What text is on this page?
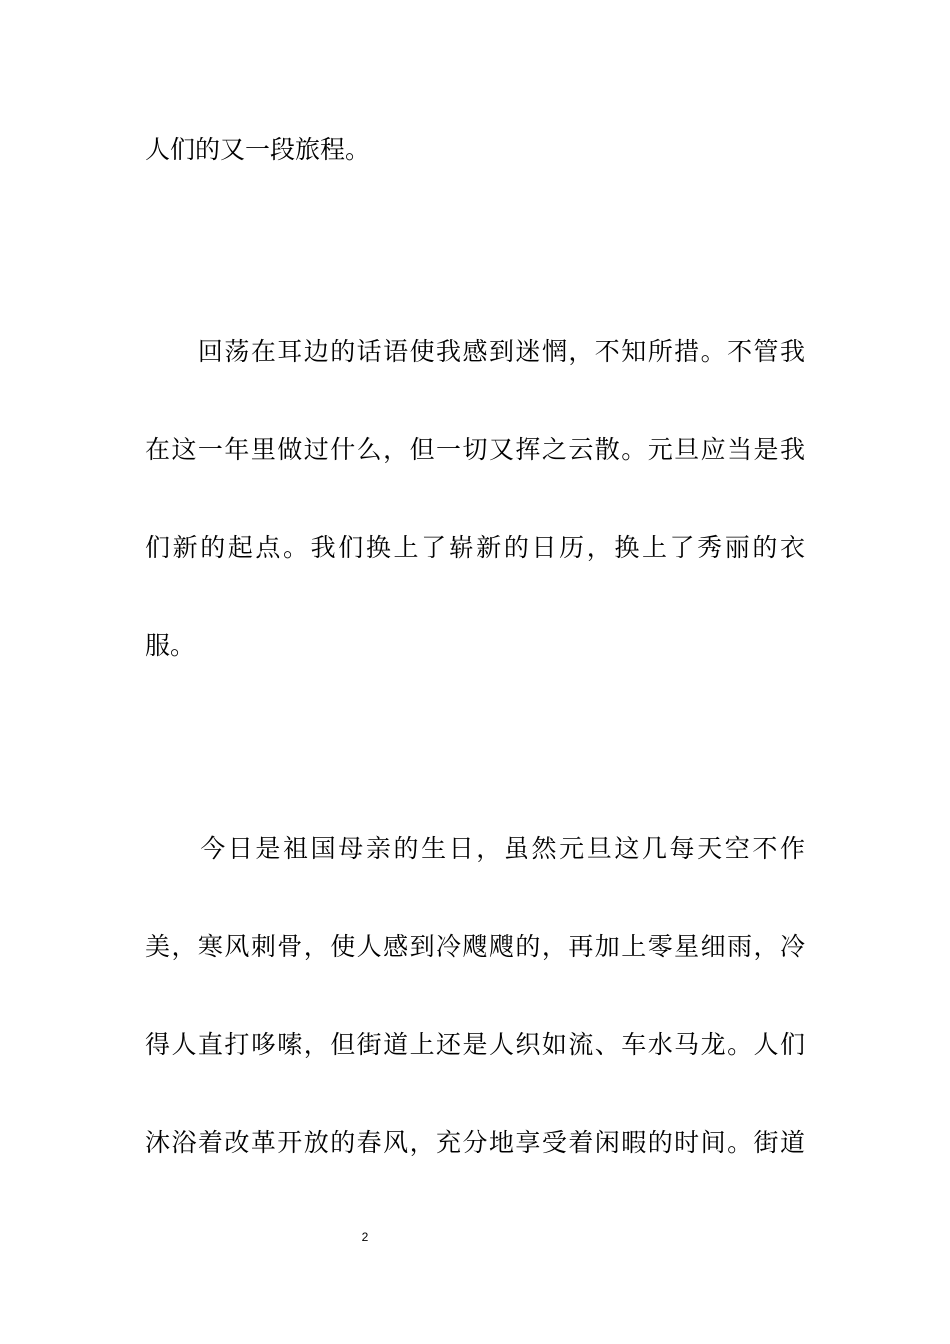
人们的又一段旅程。
　　回荡在耳边的话语使我感到迷惘，不知所措。不管我
在这一年里做过什么，但一切又挥之云散。元旦应当是我
们新的起点。我们换上了崭新的日历，换上了秀丽的衣
服。
　　今日是祖国母亲的生日，虽然元旦这几每天空不作
美，寒风刺骨，使人感到冷飕飕的，再加上零星细雨，冷
得人直打哆嗦，但街道上还是人织如流、车水马龙。人们
沐浴着改革开放的春风，充分地享受着闲暇的时间。街道
2
